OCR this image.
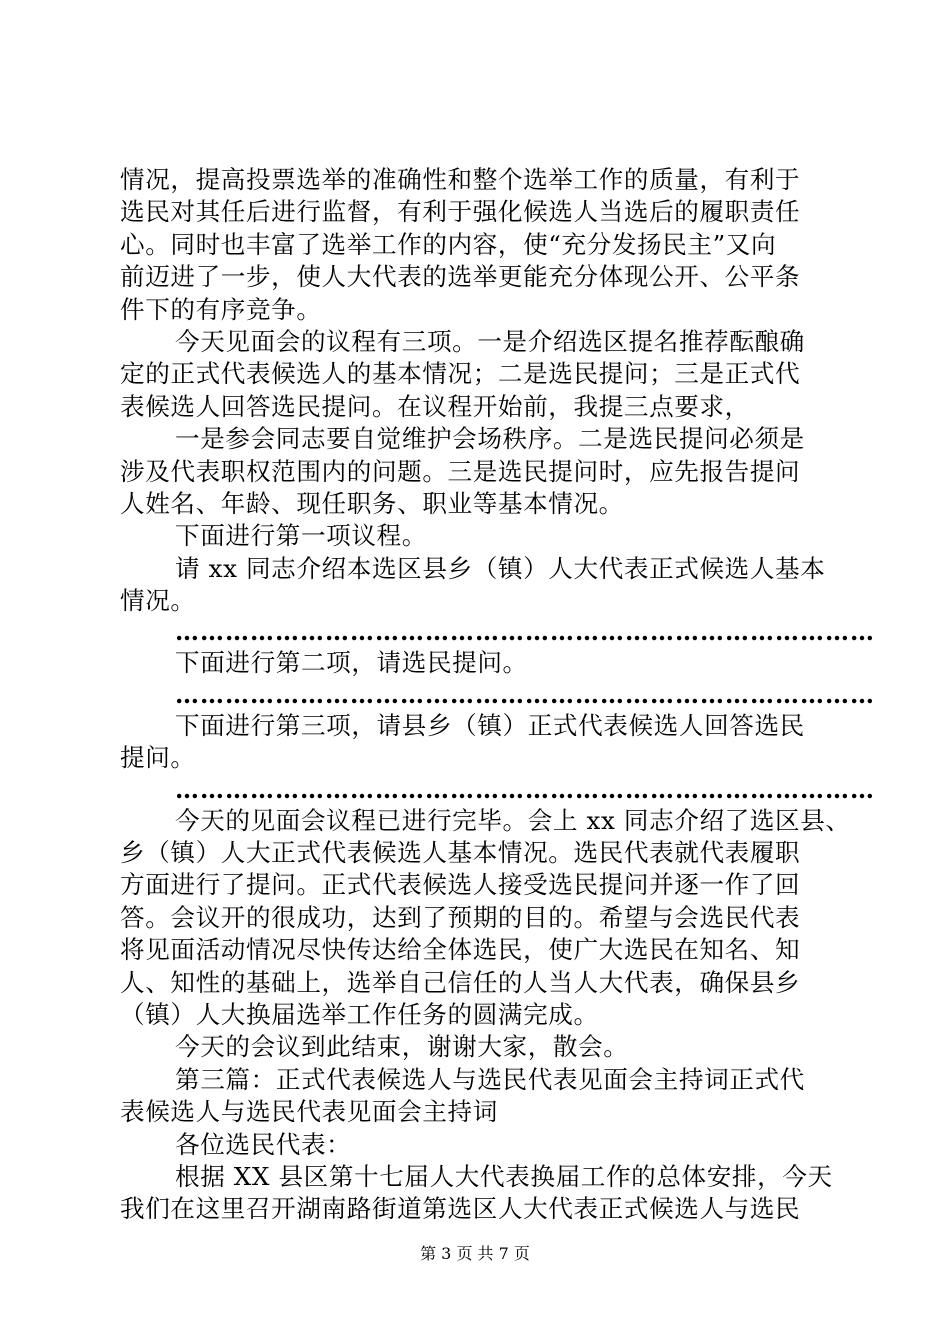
情况，提高投票选举的准确性和整个选举工作的质量，有利于
选民对其任后进行监督，有利于强化候选人当选后的履职责任
心。同时也丰富了选举工作的内容，使“充分发扬民主”又向
前迈进了一步，使人大代表的选举更能充分体现公开、公平条
件下的有序竞争。
今天见面会的议程有三项。一是介绍选区提名推荐酝酿确
定的正式代表候选人的基本情况；二是选民提问；三是正式代
表候选人回答选民提问。在议程开始前，我提三点要求，
一是参会同志要自觉维护会场秩序。二是选民提问必须是
涉及代表职权范围内的问题。三是选民提问时，应先报告提问
人姓名、年龄、现任职务、职业等基本情况。
下面进行第一项议程。
请 xx 同志介绍本选区县乡（镇）人大代表正式候选人基本
情况。
…………………………………………………………………………
下面进行第二项，请选民提问。
…………………………………………………………………………
下面进行第三项，请县乡（镇）正式代表候选人回答选民
提问。
…………………………………………………………………………
今天的见面会议程已进行完毕。会上 xx 同志介绍了选区县、
乡（镇）人大正式代表候选人基本情况。选民代表就代表履职
方面进行了提问。正式代表候选人接受选民提问并逐一作了回
答。会议开的很成功，达到了预期的目的。希望与会选民代表
将见面活动情况尽快传达给全体选民，使广大选民在知名、知
人、知性的基础上，选举自己信任的人当人大代表，确保县乡
（镇）人大换届选举工作任务的圆满完成。
今天的会议到此结束，谢谢大家，散会。
第三篇：正式代表候选人与选民代表见面会主持词正式代
表候选人与选民代表见面会主持词
各位选民代表：
根据 XX 县区第十七届人大代表换届工作的总体安排，今天
我们在这里召开湖南路街道第选区人大代表正式候选人与选民
第 3 页 共 7 页
